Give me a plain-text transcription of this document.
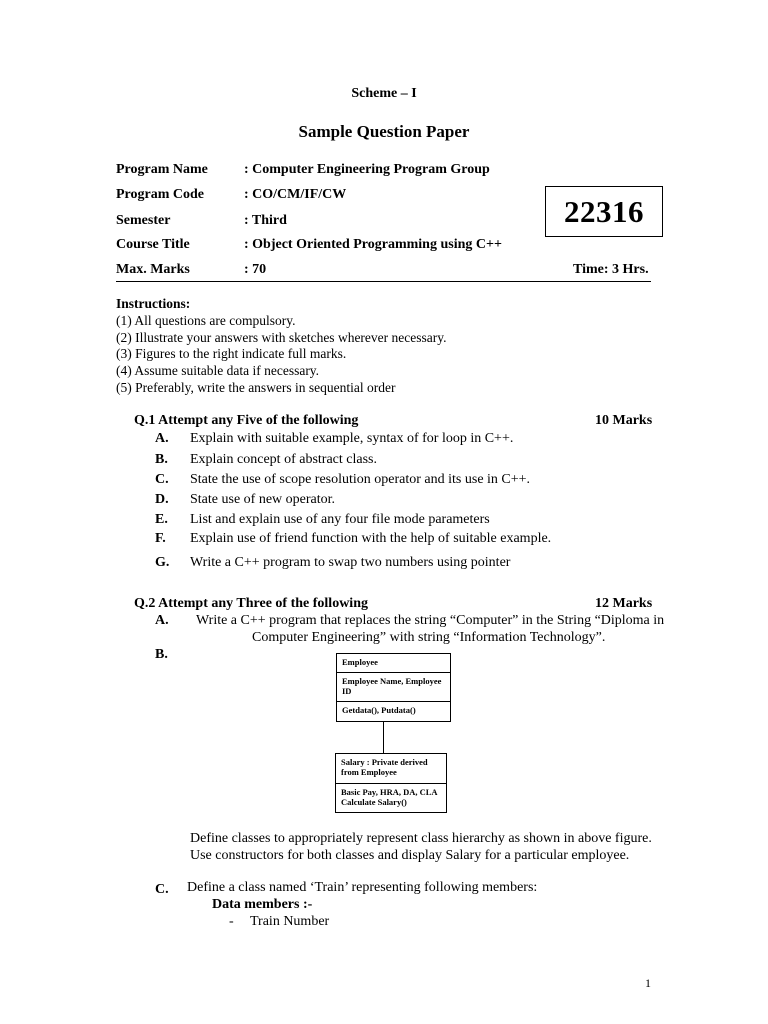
Scheme – I
Sample Question Paper
Program Name	: Computer Engineering Program Group
Program Code	: CO/CM/IF/CW
Semester	: Third
Course Title	: Object Oriented Programming using C++
Max. Marks	: 70	Time: 3 Hrs.
22316
Instructions:
(1) All questions are compulsory.
(2) Illustrate your answers with sketches wherever necessary.
(3) Figures to the right indicate full marks.
(4) Assume suitable data if necessary.
(5) Preferably, write the answers in sequential order
Q.1 Attempt any Five of the following	10 Marks
A. Explain with suitable example, syntax of for loop in C++.
B. Explain concept of abstract class.
C. State the use of scope resolution operator and its use in C++.
D. State use of new operator.
E. List and explain use of any four file mode parameters
F. Explain use of friend function with the help of suitable example.
G. Write a C++ program to swap two numbers using pointer
Q.2 Attempt any Three of the following	12 Marks
A. Write a C++ program that replaces the string “Computer” in the String “Diploma in
Computer Engineering” with string “Information Technology”.
B.	Employee
Employee Name, Employee ID
Getdata(), Putdata()
Salary : Private derived from Employee
Basic Pay, HRA, DA, CLA Calculate Salary()
Define classes to appropriately represent class hierarchy as shown in above figure.
Use constructors for both classes and display Salary for a particular employee.
C. Define a class named ‘Train’ representing following members:
Data members :-
- Train Number
1
